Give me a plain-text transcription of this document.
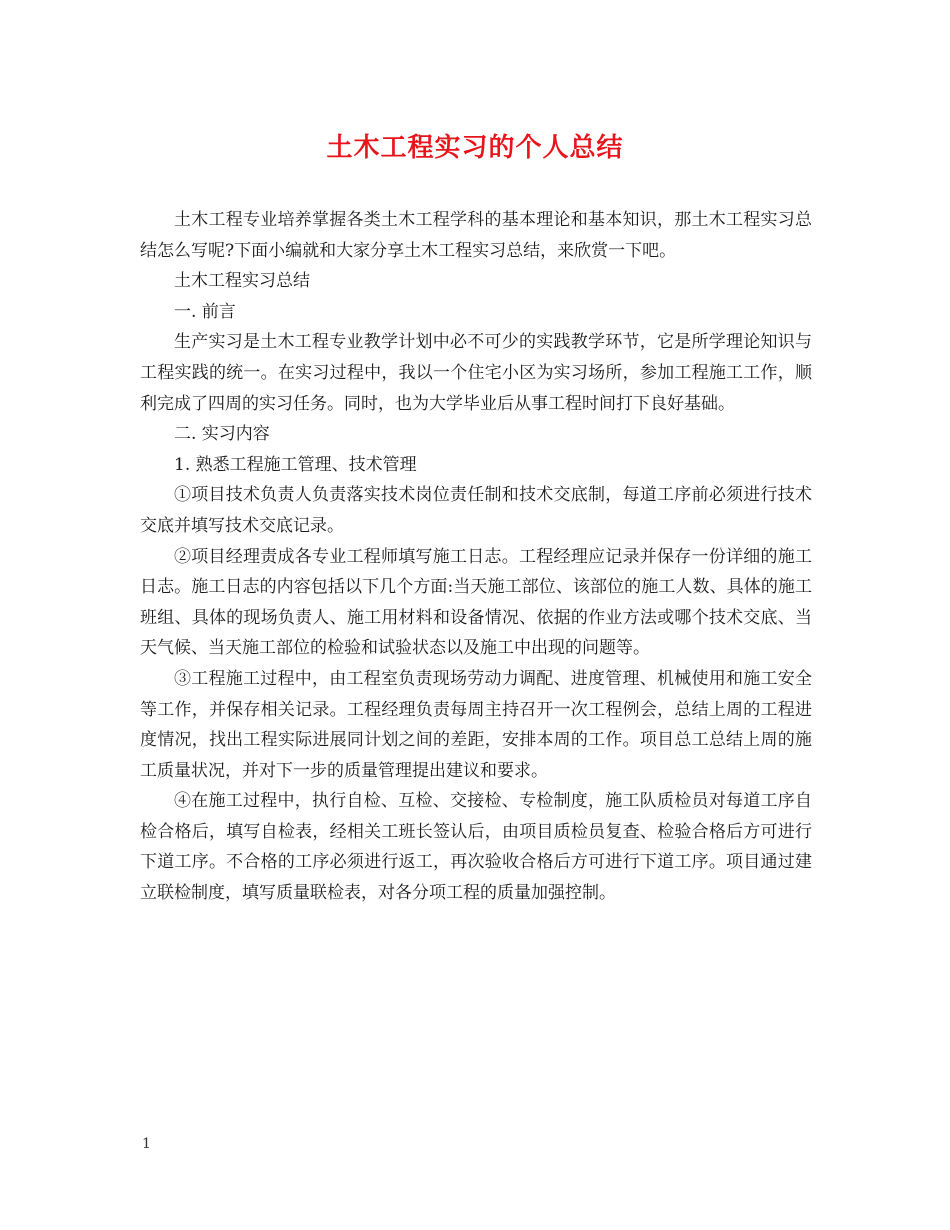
土木工程实习的个人总结

土木工程专业培养掌握各类土木工程学科的基本理论和基本知识，那土木工程实习总结怎么写呢?下面小编就和大家分享土木工程实习总结，来欣赏一下吧。

土木工程实习总结

一. 前言

生产实习是土木工程专业教学计划中必不可少的实践教学环节，它是所学理论知识与工程实践的统一。在实习过程中，我以一个住宅小区为实习场所，参加工程施工工作，顺利完成了四周的实习任务。同时，也为大学毕业后从事工程时间打下良好基础。

二. 实习内容

1. 熟悉工程施工管理、技术管理

①项目技术负责人负责落实技术岗位责任制和技术交底制，每道工序前必须进行技术交底并填写技术交底记录。

②项目经理责成各专业工程师填写施工日志。工程经理应记录并保存一份详细的施工日志。施工日志的内容包括以下几个方面:当天施工部位、该部位的施工人数、具体的施工班组、具体的现场负责人、施工用材料和设备情况、依据的作业方法或哪个技术交底、当天气候、当天施工部位的检验和试验状态以及施工中出现的问题等。

③工程施工过程中，由工程室负责现场劳动力调配、进度管理、机械使用和施工安全等工作，并保存相关记录。工程经理负责每周主持召开一次工程例会，总结上周的工程进度情况，找出工程实际进展同计划之间的差距，安排本周的工作。项目总工总结上周的施工质量状况，并对下一步的质量管理提出建议和要求。

④在施工过程中，执行自检、互检、交接检、专检制度，施工队质检员对每道工序自检合格后，填写自检表，经相关工班长签认后，由项目质检员复查、检验合格后方可进行下道工序。不合格的工序必须进行返工，再次验收合格后方可进行下道工序。项目通过建立联检制度，填写质量联检表，对各分项工程的质量加强控制。

1
